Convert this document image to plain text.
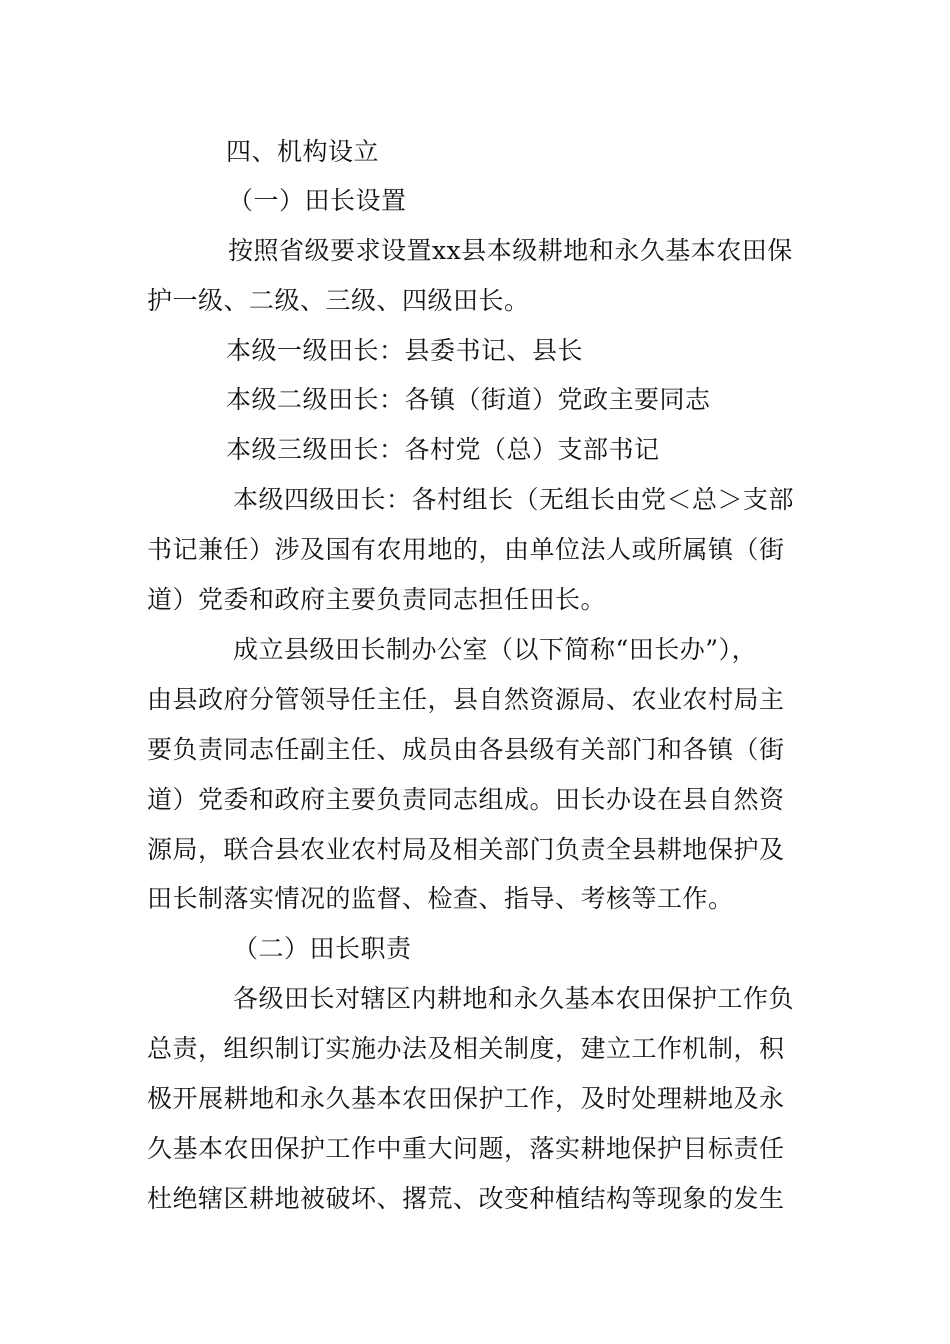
四、机构设立
（一）田长设置
按照省级要求设置xx县本级耕地和永久基本农田保
护一级、二级、三级、四级田长。
本级一级田长：县委书记、县长
本级二级田长：各镇（街道）党政主要同志
本级三级田长：各村党（总）支部书记
本级四级田长：各村组长（无组长由党＜总＞支部
书记兼任）涉及国有农用地的，由单位法人或所属镇（街
道）党委和政府主要负责同志担任田长。
成立县级田长制办公室（以下简称“田长办”），
由县政府分管领导任主任，县自然资源局、农业农村局主
要负责同志任副主任、成员由各县级有关部门和各镇（街
道）党委和政府主要负责同志组成。田长办设在县自然资
源局，联合县农业农村局及相关部门负责全县耕地保护及
田长制落实情况的监督、检查、指导、考核等工作。
（二）田长职责
各级田长对辖区内耕地和永久基本农田保护工作负
总责，组织制订实施办法及相关制度，建立工作机制，积
极开展耕地和永久基本农田保护工作，及时处理耕地及永
久基本农田保护工作中重大问题，落实耕地保护目标责任
杜绝辖区耕地被破坏、撂荒、改变种植结构等现象的发生
